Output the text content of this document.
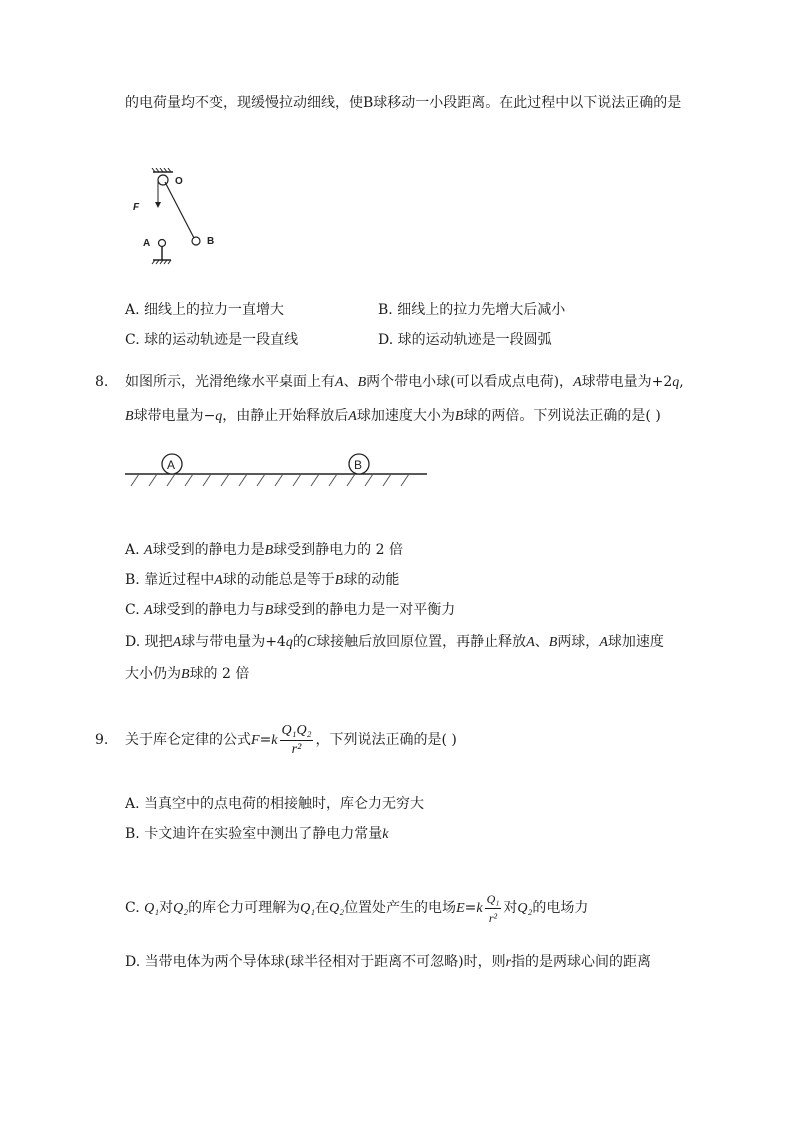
的电荷量均不变，现缓慢拉动细线，使B球移动一小段距离。在此过程中以下说法正确的是
O
F
A	B
A. 细线上的拉力一直增大	B. 细线上的拉力先增大后减小
C. 球的运动轨迹是一段直线	D. 球的运动轨迹是一段圆弧
8. 如图所示，光滑绝缘水平桌面上有A、B两个带电小球(可以看成点电荷)，A球带电量为+2q,
B球带电量为−q，由静止开始释放后A球加速度大小为B球的两倍。下列说法正确的是( )
A	B
A. A球受到的静电力是B球受到静电力的 2 倍
B. 靠近过程中A球的动能总是等于B球的动能
C. A球受到的静电力与B球受到的静电力是一对平衡力
D. 现把A球与带电量为+4q的C球接触后放回原位置，再静止释放A、B两球，A球加速度
大小仍为B球的 2 倍
9. 关于库仑定律的公式$F=k \frac{\text{Q₁Q₂}}{\text{r²}}$ ，下列说法正确的是( )
A. 当真空中的点电荷的相接触时，库仑力无穷大
B. 卡文迪许在实验室中测出了静电力常量k
C. Q₁对Q₂的库仑力可理解为Q₁在Q₂位置处产生的电场$E=k \frac{\text{Q₁}}{\text{r²}}$ 对Q₂的电场力
D. 当带电体为两个导体球(球半径相对于距离不可忽略)时，则r指的是两球心间的距离
